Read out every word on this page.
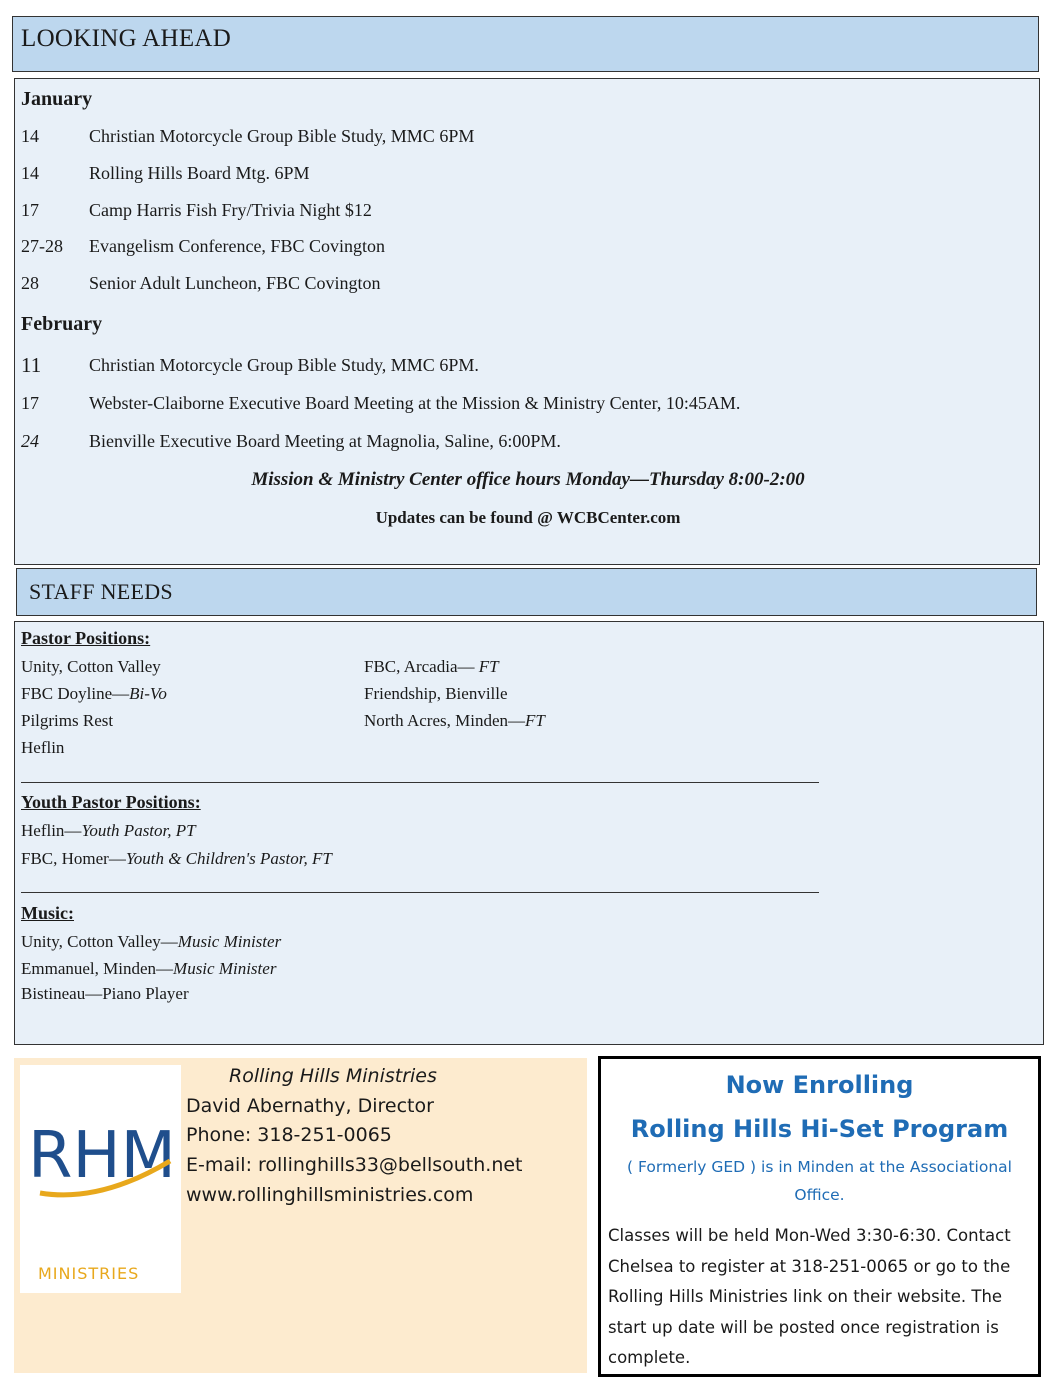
LOOKING AHEAD
January
14	Christian Motorcycle Group Bible Study, MMC 6PM
14	Rolling Hills Board Mtg. 6PM
17	Camp Harris Fish Fry/Trivia Night $12
27-28 Evangelism Conference, FBC Covington
28	Senior Adult Luncheon, FBC Covington
February
11	Christian Motorcycle Group Bible Study, MMC 6PM.
17	Webster-Claiborne Executive Board Meeting at the Mission & Ministry Center, 10:45AM.
24	Bienville Executive Board Meeting at Magnolia, Saline, 6:00PM.
Mission & Ministry Center office hours Monday—Thursday 8:00-2:00
Updates can be found @ WCBCenter.com
STAFF NEEDS
Pastor Positions:
Unity, Cotton Valley
FBC Doyline—Bi-Vo
Pilgrims Rest
Heflin
FBC, Arcadia— FT
Friendship, Bienville
North Acres, Minden—FT
Youth Pastor Positions:
Heflin—Youth Pastor, PT
FBC, Homer—Youth & Children's Pastor, FT
Music:
Unity, Cotton Valley—Music Minister
Emmanuel, Minden—Music Minister
Bistineau—Piano Player
RHM
MINISTRIES
Rolling Hills Ministries
David Abernathy, Director
Phone: 318-251-0065
E-mail: rollinghills33@bellsouth.net
www.rollinghillsministries.com
Now Enrolling
Rolling Hills Hi-Set Program
( Formerly GED ) is in Minden at the Associational Office.
Classes will be held Mon-Wed 3:30-6:30. Contact Chelsea to register at 318-251-0065 or go to the Rolling Hills Ministries link on their website. The start up date will be posted once registration is complete.
